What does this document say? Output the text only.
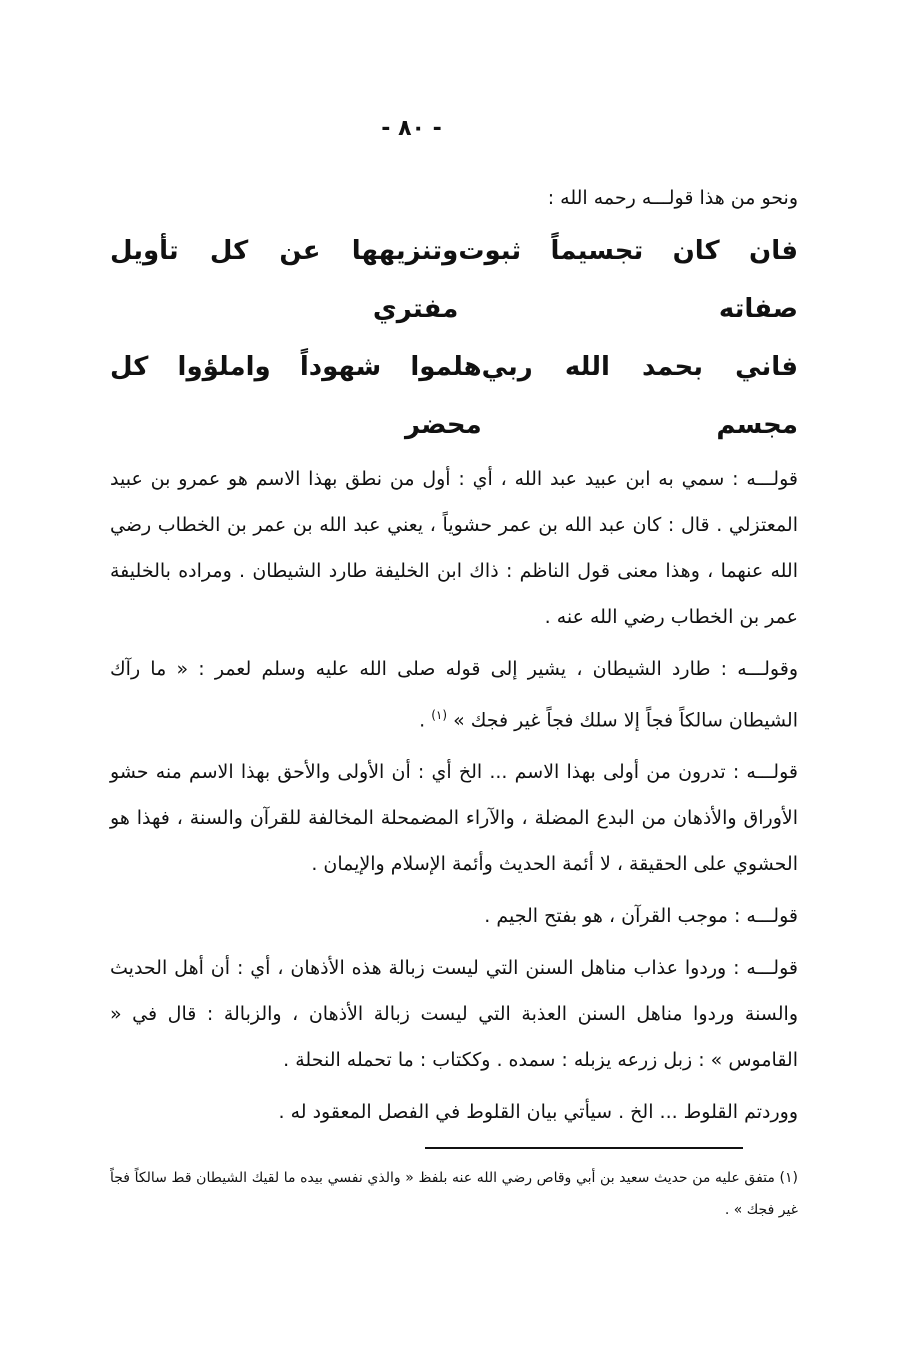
- ٨٠ -

ونحو من هذا قولـــه رحمه الله :

فان كان تجسيماً ثبوت صفاته
وتنزيهها عن كل تأويل مفتري
فاني بحمد الله ربي مجسم
هلموا شهوداً واملؤوا كل محضر

قولـــه : سمي به ابن عبيد عبد الله ، أي : أول من نطق بهذا الاسم هو عمرو بن عبيد المعتزلي . قال : كان عبد الله بن عمر حشوياً ، يعني عبد الله بن عمر بن الخطاب رضي الله عنهما ، وهذا معنى قول الناظم : ذاك ابن الخليفة طارد الشيطان . ومراده بالخليفة عمر بن الخطاب رضي الله عنه .

وقولـــه : طارد الشيطان ، يشير إلى قوله صلى الله عليه وسلم لعمر : « ما رآك الشيطان سالكاً فجاً إلا سلك فجاً غير فجك » $^{(١)}$ .

قولـــه : تدرون من أولى بهذا الاسم ... الخ أي : أن الأولى والأحق بهذا الاسم منه حشو الأوراق والأذهان من البدع المضلة ، والآراء المضمحلة المخالفة للقرآن والسنة ، فهذا هو الحشوي على الحقيقة ، لا أئمة الحديث وأئمة الإسلام والإيمان .

قولـــه : موجب القرآن ، هو بفتح الجيم .

قولـــه : وردوا عذاب مناهل السنن التي ليست زبالة هذه الأذهان ، أي : أن أهل الحديث والسنة وردوا مناهل السنن العذبة التي ليست زبالة الأذهان ، والزبالة : قال في « القاموس » : زبل زرعه يزبله : سمده . وككتاب : ما تحمله النحلة .

ووردتم القلوط ... الخ . سيأتي بيان القلوط في الفصل المعقود له .

(١) متفق عليه من حديث سعيد بن أبي وقاص رضي الله عنه بلفظ « والذي نفسي بيده ما لقيك الشيطان قط سالكاً فجاً غير فجك » .
